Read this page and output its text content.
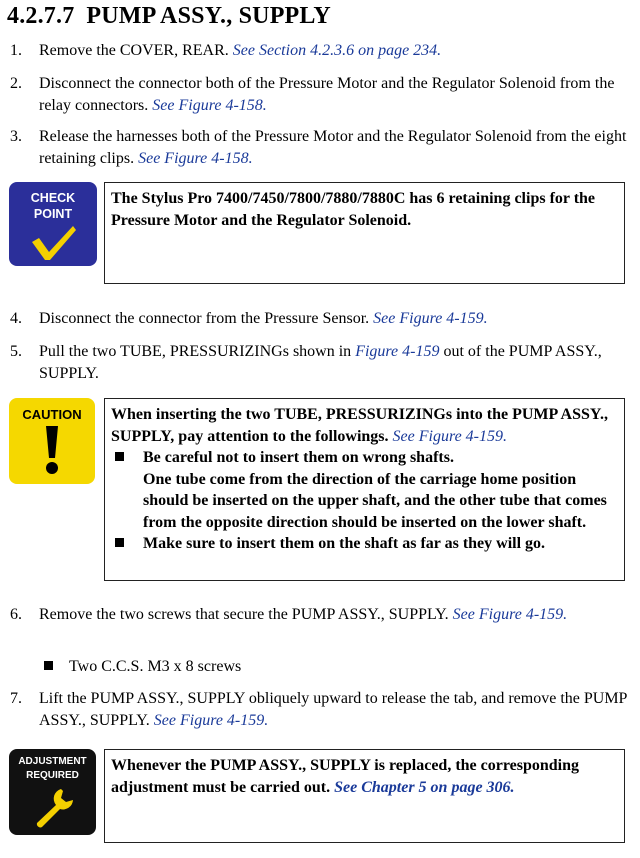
4.2.7.7 PUMP ASSY., SUPPLY
1. Remove the COVER, REAR. See Section 4.2.3.6 on page 234.
2. Disconnect the connector both of the Pressure Motor and the Regulator Solenoid from the relay connectors. See Figure 4-158.
3. Release the harnesses both of the Pressure Motor and the Regulator Solenoid from the eight retaining clips. See Figure 4-158.
CHECK
POINT
The Stylus Pro 7400/7450/7800/7880/7880C has 6 retaining clips for the Pressure Motor and the Regulator Solenoid.
4. Disconnect the connector from the Pressure Sensor. See Figure 4-159.
5. Pull the two TUBE, PRESSURIZINGs shown in Figure 4-159 out of the PUMP ASSY., SUPPLY.
CAUTION	When inserting the two TUBE, PRESSURIZINGs into the PUMP ASSY., SUPPLY, pay attention to the followings. See Figure 4-159.
Be careful not to insert them on wrong shafts.
One tube come from the direction of the carriage home position should be inserted on the upper shaft, and the other tube that comes from the opposite direction should be inserted on the lower shaft.
Make sure to insert them on the shaft as far as they will go.
6. Remove the two screws that secure the PUMP ASSY., SUPPLY. See Figure 4-159.
Two C.C.S. M3 x 8 screws
7. Lift the PUMP ASSY., SUPPLY obliquely upward to release the tab, and remove the PUMP ASSY., SUPPLY. See Figure 4-159.
ADJUSTMENT
REQUIRED
Whenever the PUMP ASSY., SUPPLY is replaced, the corresponding adjustment must be carried out. See Chapter 5 on page 306.
